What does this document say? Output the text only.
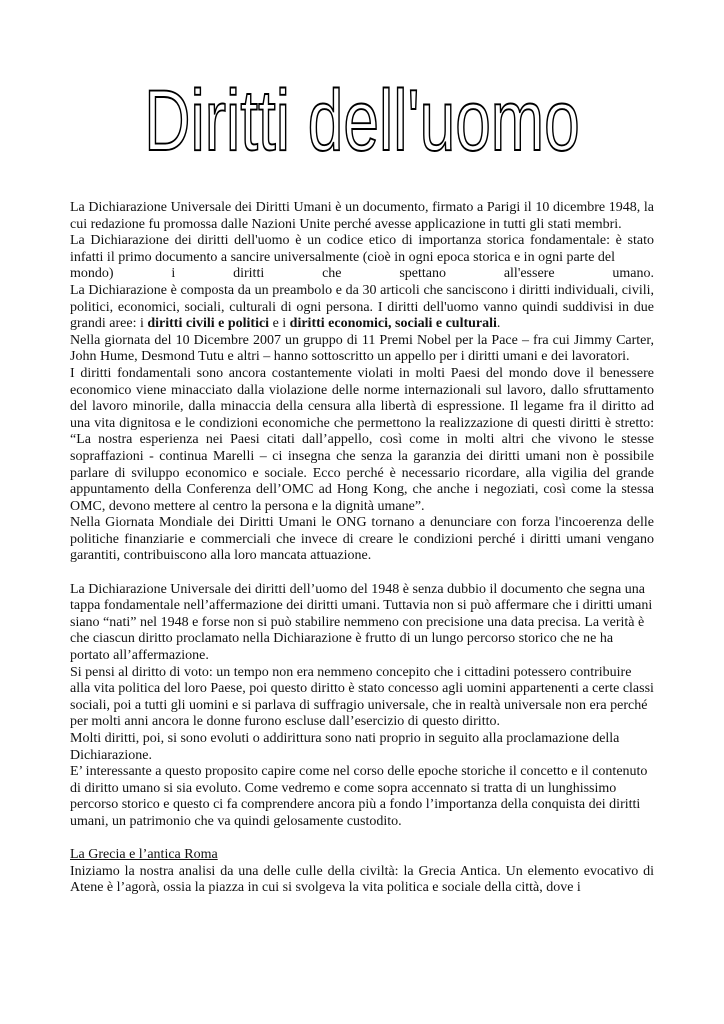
Diritti dell'uomo

La Dichiarazione Universale dei Diritti Umani è un documento, firmato a Parigi il 10 dicembre 1948, la cui redazione fu promossa dalle Nazioni Unite perché avesse applicazione in tutti gli stati membri.

La Dichiarazione dei diritti dell'uomo è un codice etico di importanza storica fondamentale: è stato infatti il primo documento a sancire universalmente (cioè in ogni epoca storica e in ogni parte del

mondo) i diritti che spettano all'essere umano.

La Dichiarazione è composta da un preambolo e da 30 articoli che sanciscono i diritti individuali, civili, politici, economici, sociali, culturali di ogni persona. I diritti dell'uomo vanno quindi suddivisi in due grandi aree: i diritti civili e politici e i diritti economici, sociali e culturali.

Nella giornata del 10 Dicembre 2007 un gruppo di 11 Premi Nobel per la Pace – fra cui Jimmy Carter, John Hume, Desmond Tutu e altri – hanno sottoscritto un appello per i diritti umani e dei lavoratori.

I diritti fondamentali sono ancora costantemente violati in molti Paesi del mondo dove il benessere economico viene minacciato dalla violazione delle norme internazionali sul lavoro, dallo sfruttamento del lavoro minorile, dalla minaccia della censura alla libertà di espressione. Il legame fra il diritto ad una vita dignitosa e le condizioni economiche che permettono la realizzazione di questi diritti è stretto: “La nostra esperienza nei Paesi citati dall’appello, così come in molti altri che vivono le stesse sopraffazioni - continua Marelli – ci insegna che senza la garanzia dei diritti umani non è possibile parlare di sviluppo economico e sociale. Ecco perché è necessario ricordare, alla vigilia del grande appuntamento della Conferenza dell’OMC ad Hong Kong, che anche i negoziati, così come la stessa OMC, devono mettere al centro la persona e la dignità umane”.

Nella Giornata Mondiale dei Diritti Umani le ONG tornano a denunciare con forza l'incoerenza delle politiche finanziarie e commerciali che invece di creare le condizioni perché i diritti umani vengano garantiti, contribuiscono alla loro mancata attuazione.

La Dichiarazione Universale dei diritti dell’uomo del 1948 è senza dubbio il documento che segna una tappa fondamentale nell’affermazione dei diritti umani. Tuttavia non si può affermare che i diritti umani siano “nati” nel 1948 e forse non si può stabilire nemmeno con precisione una data precisa. La verità è che ciascun diritto proclamato nella Dichiarazione è frutto di un lungo percorso storico che ne ha portato all’affermazione.

Si pensi al diritto di voto: un tempo non era nemmeno concepito che i cittadini potessero contribuire alla vita politica del loro Paese, poi questo diritto è stato concesso agli uomini appartenenti a certe classi sociali, poi a tutti gli uomini e si parlava di suffragio universale, che in realtà universale non era perché per molti anni ancora le donne furono escluse dall’esercizio di questo diritto.

Molti diritti, poi, si sono evoluti o addirittura sono nati proprio in seguito alla proclamazione della Dichiarazione.

E’ interessante a questo proposito capire come nel corso delle epoche storiche il concetto e il contenuto di diritto umano si sia evoluto. Come vedremo e come sopra accennato si tratta di un lunghissimo percorso storico e questo ci fa comprendere ancora più a fondo l’importanza della conquista dei diritti umani, un patrimonio che va quindi gelosamente custodito.

La Grecia e l’antica Roma

Iniziamo la nostra analisi da una delle culle della civiltà: la Grecia Antica. Un elemento evocativo di Atene è l’agorà, ossia la piazza in cui si svolgeva la vita politica e sociale della città, dove i
